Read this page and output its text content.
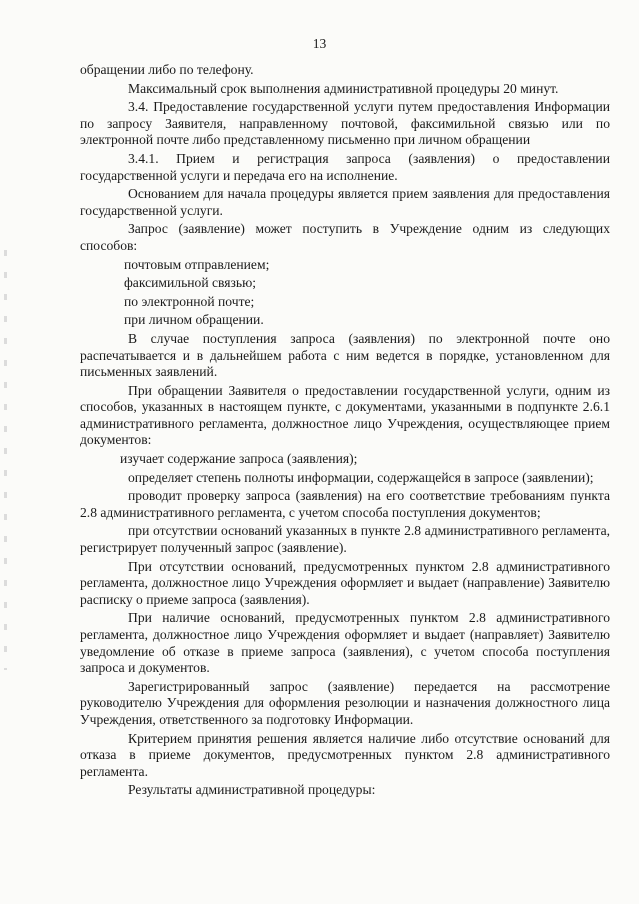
13

обращении либо по телефону.

Максимальный срок выполнения административной процедуры 20 минут.

3.4. Предоставление государственной услуги путем предоставления Информации по запросу Заявителя, направленному почтовой, факсимильной связью или по электронной почте либо представленному письменно при личном обращении

3.4.1. Прием и регистрация запроса (заявления) о предоставлении государственной услуги и передача его на исполнение.

Основанием для начала процедуры является прием заявления для предоставления государственной услуги.

Запрос (заявление) может поступить в Учреждение одним из следующих способов:

почтовым отправлением;

факсимильной связью;

по электронной почте;

при личном обращении.

В случае поступления запроса (заявления) по электронной почте оно распечатывается и в дальнейшем работа с ним ведется в порядке, установленном для письменных заявлений.

При обращении Заявителя о предоставлении государственной услуги, одним из способов, указанных в настоящем пункте, с документами, указанными в подпункте 2.6.1 административного регламента, должностное лицо Учреждения, осуществляющее прием документов:

изучает содержание запроса (заявления);

определяет степень полноты информации, содержащейся в запросе (заявлении);

проводит проверку запроса (заявления) на его соответствие требованиям пункта 2.8 административного регламента, с учетом способа поступления документов;

при отсутствии оснований указанных в пункте 2.8 административного регламента, регистрирует полученный запрос (заявление).

При отсутствии оснований, предусмотренных пунктом 2.8 административного регламента, должностное лицо Учреждения оформляет и выдает (направление) Заявителю расписку о приеме запроса (заявления).

При наличие оснований, предусмотренных пунктом 2.8 административного регламента, должностное лицо Учреждения оформляет и выдает (направляет) Заявителю уведомление об отказе в приеме запроса (заявления), с учетом способа поступления запроса и документов.

Зарегистрированный запрос (заявление) передается на рассмотрение руководителю Учреждения для оформления резолюции и назначения должностного лица Учреждения, ответственного за подготовку Информации.

Критерием принятия решения является наличие либо отсутствие оснований для отказа в приеме документов, предусмотренных пунктом 2.8 административного регламента.

Результаты административной процедуры:
